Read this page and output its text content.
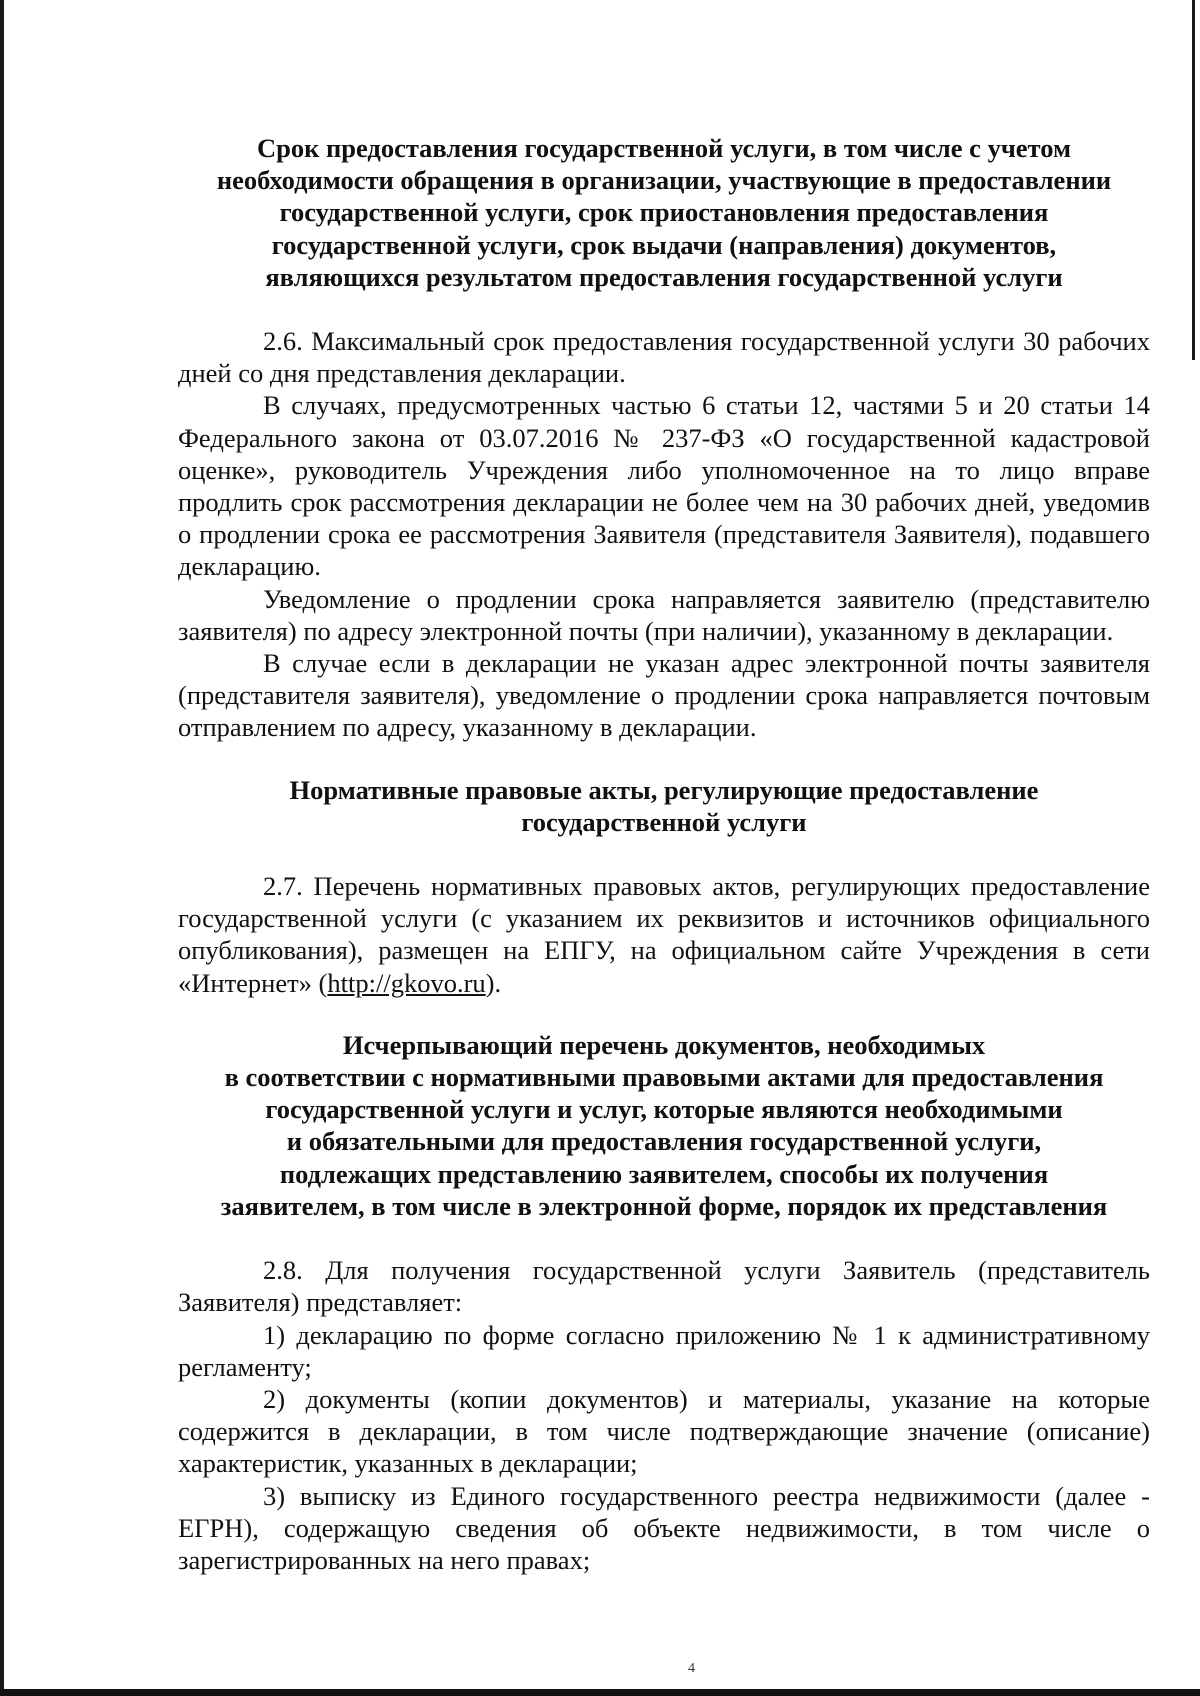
Срок предоставления государственной услуги, в том числе с учетом
необходимости обращения в организации, участвующие в предоставлении
государственной услуги, срок приостановления предоставления
государственной услуги, срок выдачи (направления) документов,
являющихся результатом предоставления государственной услуги

2.6. Максимальный срок предоставления государственной услуги 30 рабочих дней со дня представления декларации.

В случаях, предусмотренных частью 6 статьи 12, частями 5 и 20 статьи 14 Федерального закона от 03.07.2016 № 237-ФЗ «О государственной кадастровой оценке», руководитель Учреждения либо уполномоченное на то лицо вправе продлить срок рассмотрения декларации не более чем на 30 рабочих дней, уведомив о продлении срока ее рассмотрения Заявителя (представителя Заявителя), подавшего декларацию.

Уведомление о продлении срока направляется заявителю (представителю заявителя) по адресу электронной почты (при наличии), указанному в декларации.

В случае если в декларации не указан адрес электронной почты заявителя (представителя заявителя), уведомление о продлении срока направляется почтовым отправлением по адресу, указанному в декларации.

Нормативные правовые акты, регулирующие предоставление
государственной услуги

2.7. Перечень нормативных правовых актов, регулирующих предоставление государственной услуги (с указанием их реквизитов и источников официального опубликования), размещен на ЕПГУ, на официальном сайте Учреждения в сети «Интернет» (http://gkovo.ru).

Исчерпывающий перечень документов, необходимых
в соответствии с нормативными правовыми актами для предоставления
государственной услуги и услуг, которые являются необходимыми
и обязательными для предоставления государственной услуги,
подлежащих представлению заявителем, способы их получения
заявителем, в том числе в электронной форме, порядок их представления

2.8. Для получения государственной услуги Заявитель (представитель Заявителя) представляет:

1) декларацию по форме согласно приложению № 1 к административному регламенту;

2) документы (копии документов) и материалы, указание на которые содержится в декларации, в том числе подтверждающие значение (описание) характеристик, указанных в декларации;

3) выписку из Единого государственного реестра недвижимости (далее - ЕГРН), содержащую сведения об объекте недвижимости, в том числе о зарегистрированных на него правах;

4
